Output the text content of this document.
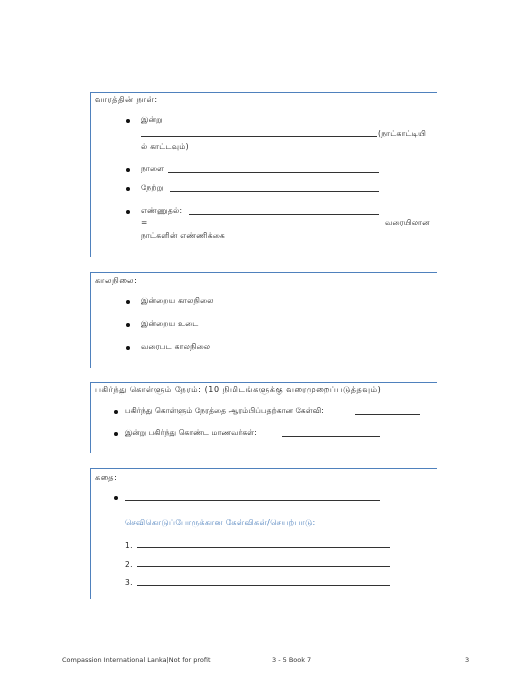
வாரத்தின் நாள்:
இன்று
(நாட்காட்டியி
ல் காட்டவும்)
நாளை
நேற்று
எண்ணுதல்:
=	வரையிலான
நாட்களின் எண்ணிக்கை
காலநிலை:
இன்றைய காலநிலை
இன்றைய உடை
வரைபட காலநிலை
பகிர்ந்து கொள்ளும் நேரம்: (10 நிமிடங்களுக்கு வரைமுறைப்படுத்தவும்)
பகிர்ந்து கொள்ளும் நேரத்தை ஆரம்பிப்பதற்கான கேள்வி:
இன்று பகிர்ந்து கொண்ட மாணவர்கள்:
கதை:
செவிகொடுப்போருக்கான கேள்விகள்/செயற்பாடு:
1.
2.
3.
Compassion International Lanka|Not for profit	3 - 5 Book 7	3
